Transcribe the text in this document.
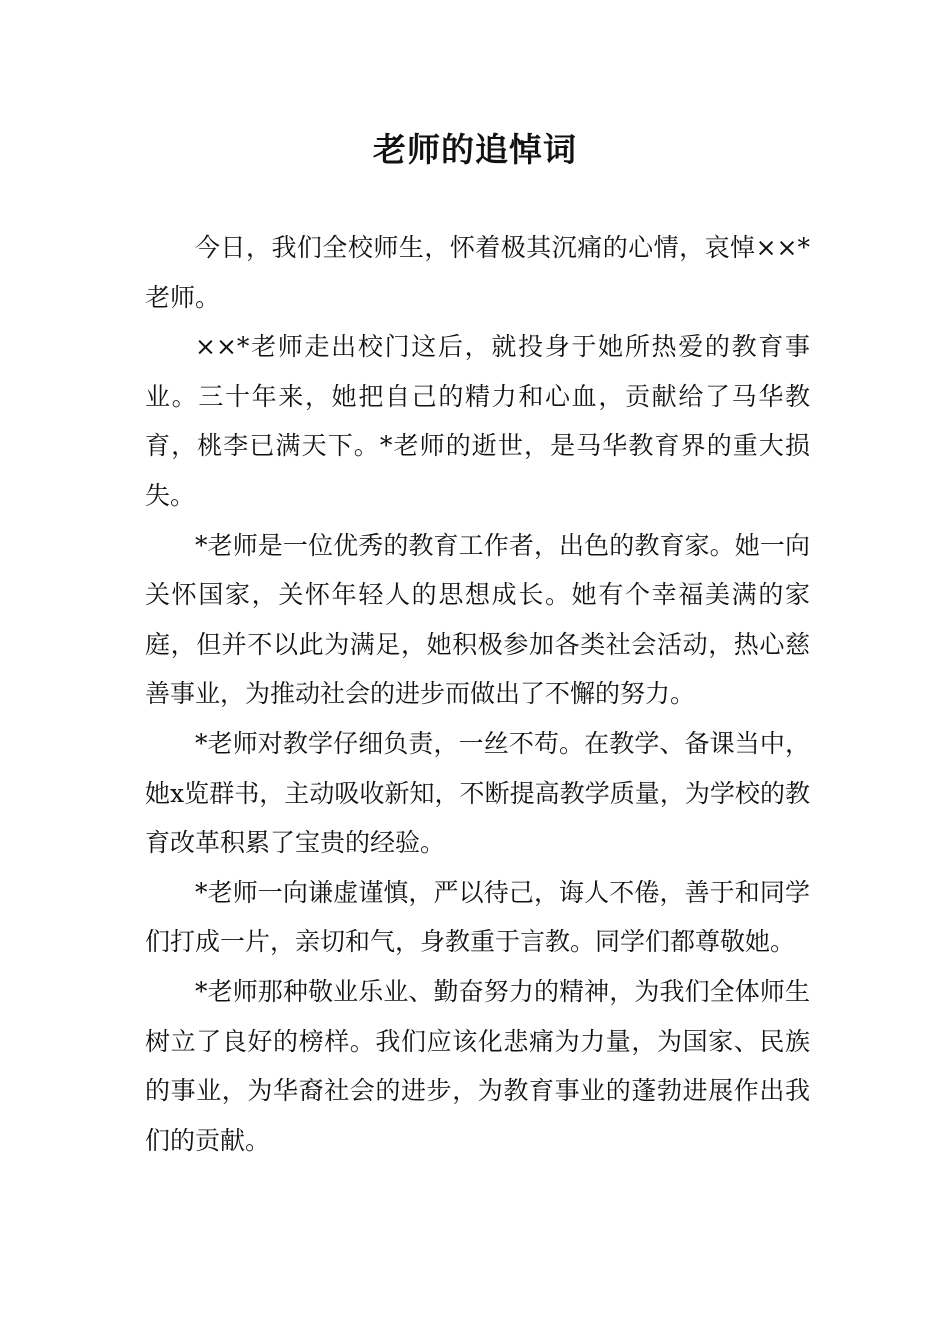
老师的追悼词

今日，我们全校师生，怀着极其沉痛的心情，哀悼××*老师。

××*老师走出校门这后，就投身于她所热爱的教育事业。三十年来，她把自己的精力和心血，贡献给了马华教育，桃李已满天下。*老师的逝世，是马华教育界的重大损失。

*老师是一位优秀的教育工作者，出色的教育家。她一向关怀国家，关怀年轻人的思想成长。她有个幸福美满的家庭，但并不以此为满足，她积极参加各类社会活动，热心慈善事业，为推动社会的进步而做出了不懈的努力。

*老师对教学仔细负责，一丝不苟。在教学、备课当中，她x览群书，主动吸收新知，不断提高教学质量，为学校的教育改革积累了宝贵的经验。

*老师一向谦虚谨慎，严以待己，诲人不倦，善于和同学们打成一片，亲切和气，身教重于言教。同学们都尊敬她。

*老师那种敬业乐业、勤奋努力的精神，为我们全体师生树立了良好的榜样。我们应该化悲痛为力量，为国家、民族的事业，为华裔社会的进步，为教育事业的蓬勃进展作出我们的贡献。
